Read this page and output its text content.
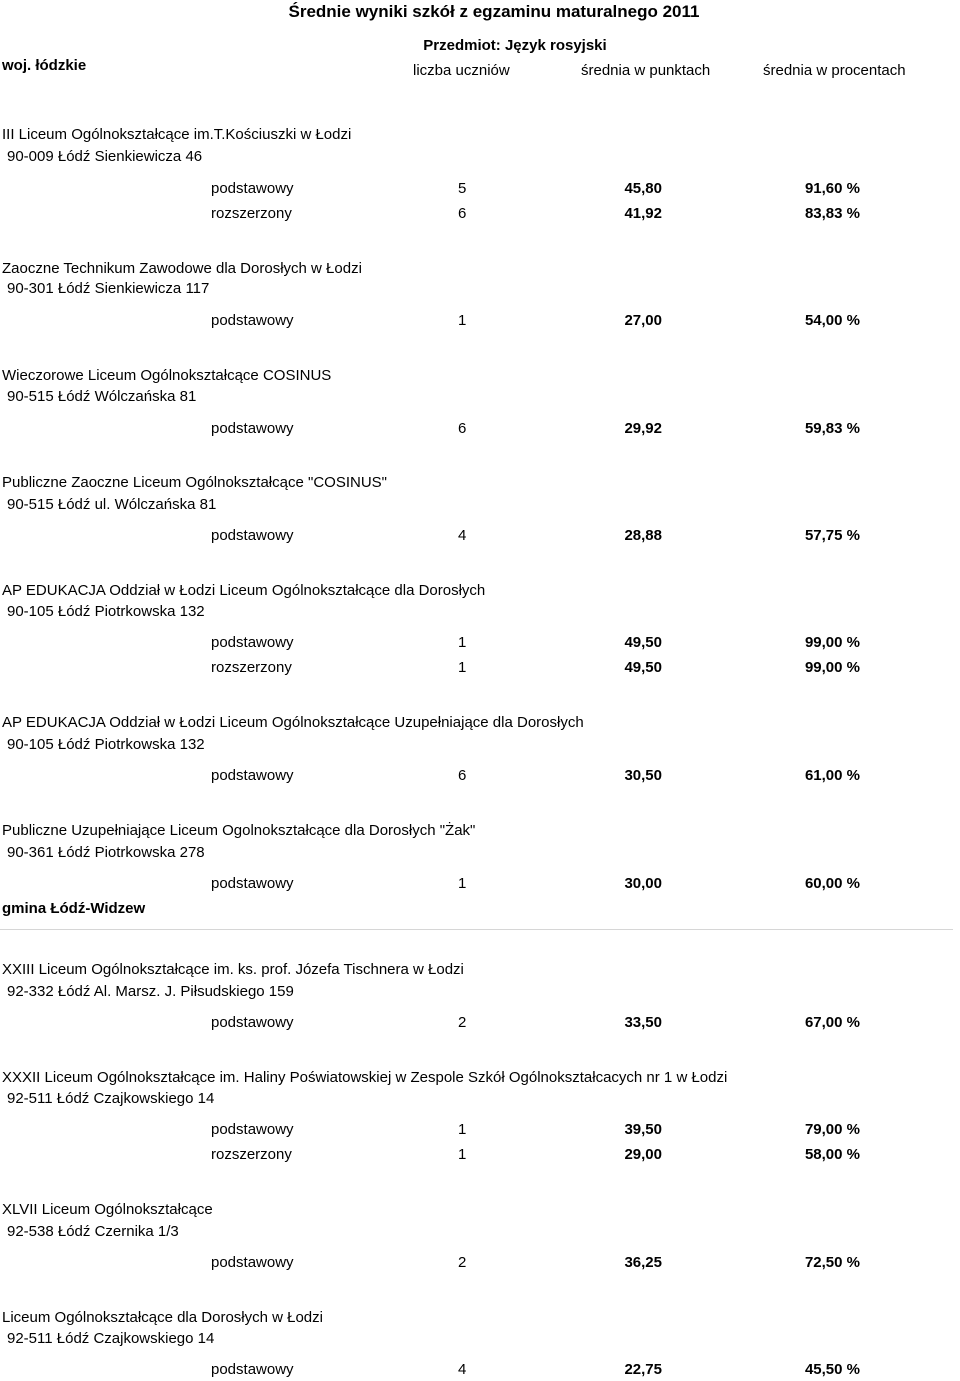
Średnie wyniki szkół z egzaminu maturalnego 2011
Przedmiot: Język rosyjski
woj. łódzkie	liczba uczniów	średnia w punktach	średnia w procentach
III Liceum Ogólnokształcące im.T.Kościuszki w Łodzi
90-009 Łódź Sienkiewicza 46
podstawowy	5	45,80	91,60 %
rozszerzony	6	41,92	83,83 %
Zaoczne Technikum Zawodowe dla Dorosłych w Łodzi
90-301 Łódź Sienkiewicza 117
podstawowy	1	27,00	54,00 %
Wieczorowe Liceum Ogólnokształcące COSINUS
90-515 Łódź Wólczańska 81
podstawowy	6	29,92	59,83 %
Publiczne Zaoczne Liceum Ogólnokształcące "COSINUS"
90-515 Łódź ul. Wólczańska 81
podstawowy	4	28,88	57,75 %
AP EDUKACJA Oddział w Łodzi Liceum Ogólnokształcące dla Dorosłych
90-105 Łódź Piotrkowska 132
podstawowy	1	49,50	99,00 %
rozszerzony	1	49,50	99,00 %
AP EDUKACJA Oddział w Łodzi Liceum Ogólnokształcące Uzupełniające dla Dorosłych
90-105 Łódź Piotrkowska 132
podstawowy	6	30,50	61,00 %
Publiczne Uzupełniające Liceum Ogolnokształcące dla Dorosłych "Żak"
90-361 Łódź Piotrkowska 278
podstawowy	1	30,00	60,00 %
gmina Łódź-Widzew
XXIII Liceum Ogólnokształcące im. ks. prof. Józefa Tischnera w Łodzi
92-332 Łódź Al. Marsz. J. Piłsudskiego 159
podstawowy	2	33,50	67,00 %
XXXII Liceum Ogólnokształcące im. Haliny Poświatowskiej w Zespole Szkół Ogólnokształcacych nr 1 w Łodzi
92-511 Łódź Czajkowskiego 14
podstawowy	1	39,50	79,00 %
rozszerzony	1	29,00	58,00 %
XLVII Liceum Ogólnokształcące
92-538 Łódź Czernika 1/3
podstawowy	2	36,25	72,50 %
Liceum Ogólnokształcące dla Dorosłych w Łodzi
92-511 Łódź Czajkowskiego 14
podstawowy	4	22,75	45,50 %
